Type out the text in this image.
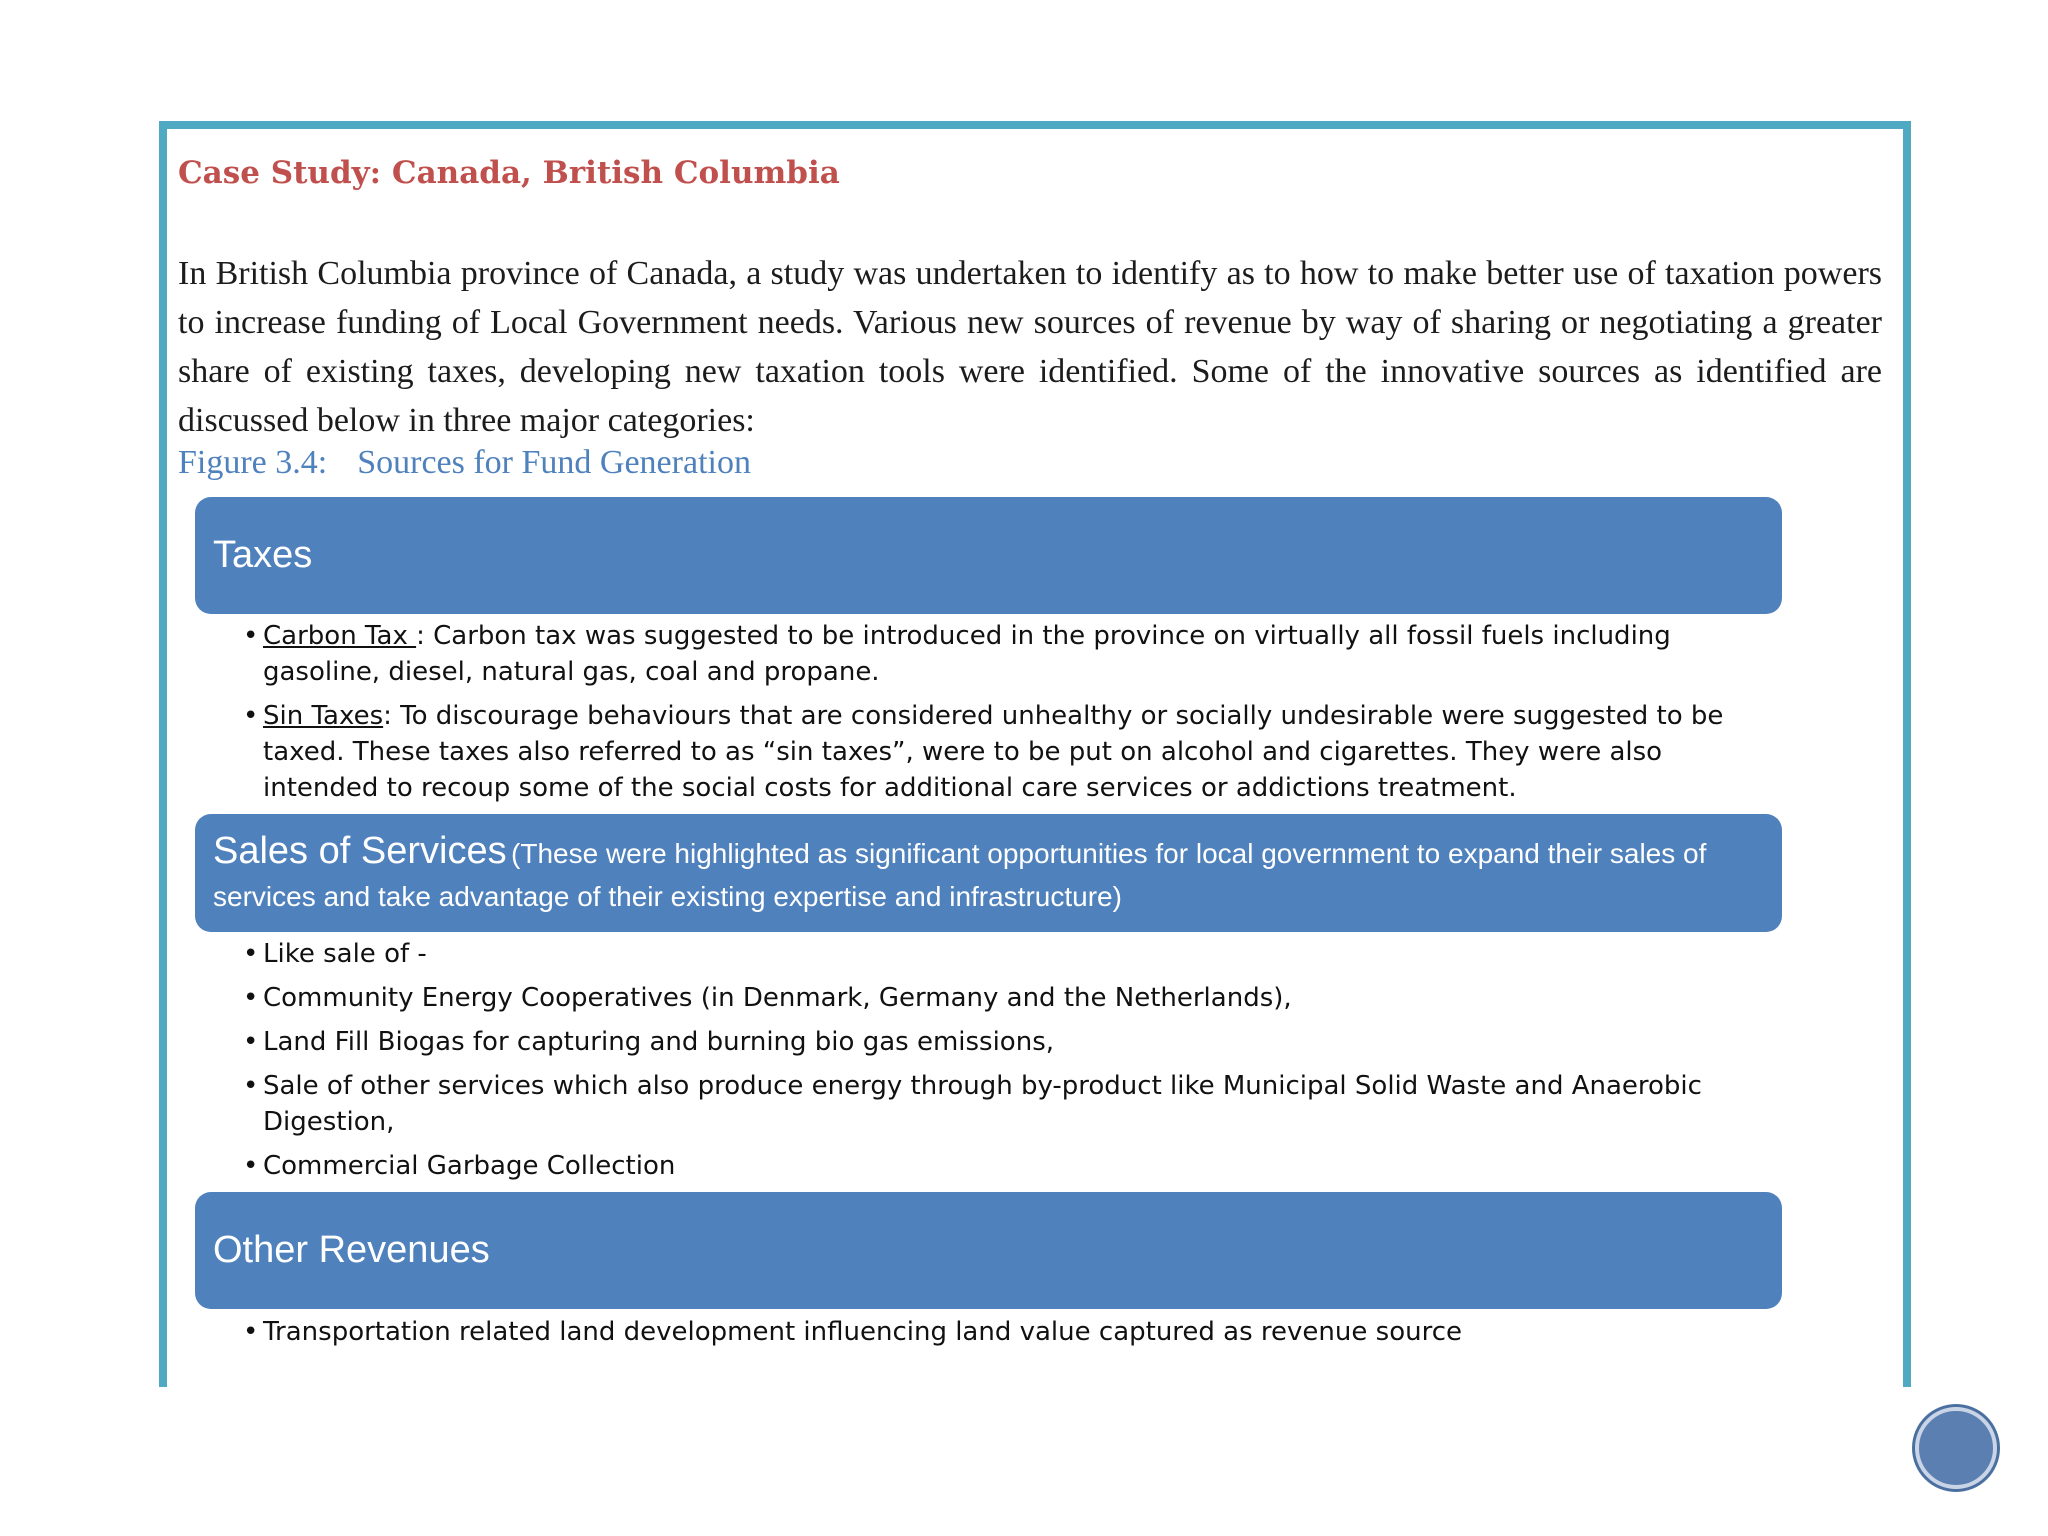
Case Study: Canada, British Columbia

In British Columbia province of Canada, a study was undertaken to identify as to how to make better use of taxation powers to increase funding of Local Government needs. Various new sources of revenue by way of sharing or negotiating a greater share of existing taxes, developing new taxation tools were identified. Some of the innovative sources as identified are discussed below in three major categories:

Figure 3.4: Sources for Fund Generation

Taxes
• Carbon Tax : Carbon tax was suggested to be introduced in the province on virtually all fossil fuels including gasoline, diesel, natural gas, coal and propane.
• Sin Taxes: To discourage behaviours that are considered unhealthy or socially undesirable were suggested to be taxed. These taxes also referred to as “sin taxes”, were to be put on alcohol and cigarettes. They were also intended to recoup some of the social costs for additional care services or addictions treatment.
Sales of Services (These were highlighted as significant opportunities for local government to expand their sales of services and take advantage of their existing expertise and infrastructure)
• Like sale of -
• Community Energy Cooperatives (in Denmark, Germany and the Netherlands),
• Land Fill Biogas for capturing and burning bio gas emissions,
• Sale of other services which also produce energy through by-product like Municipal Solid Waste and Anaerobic Digestion,
• Commercial Garbage Collection
Other Revenues
• Transportation related land development influencing land value captured as revenue source
